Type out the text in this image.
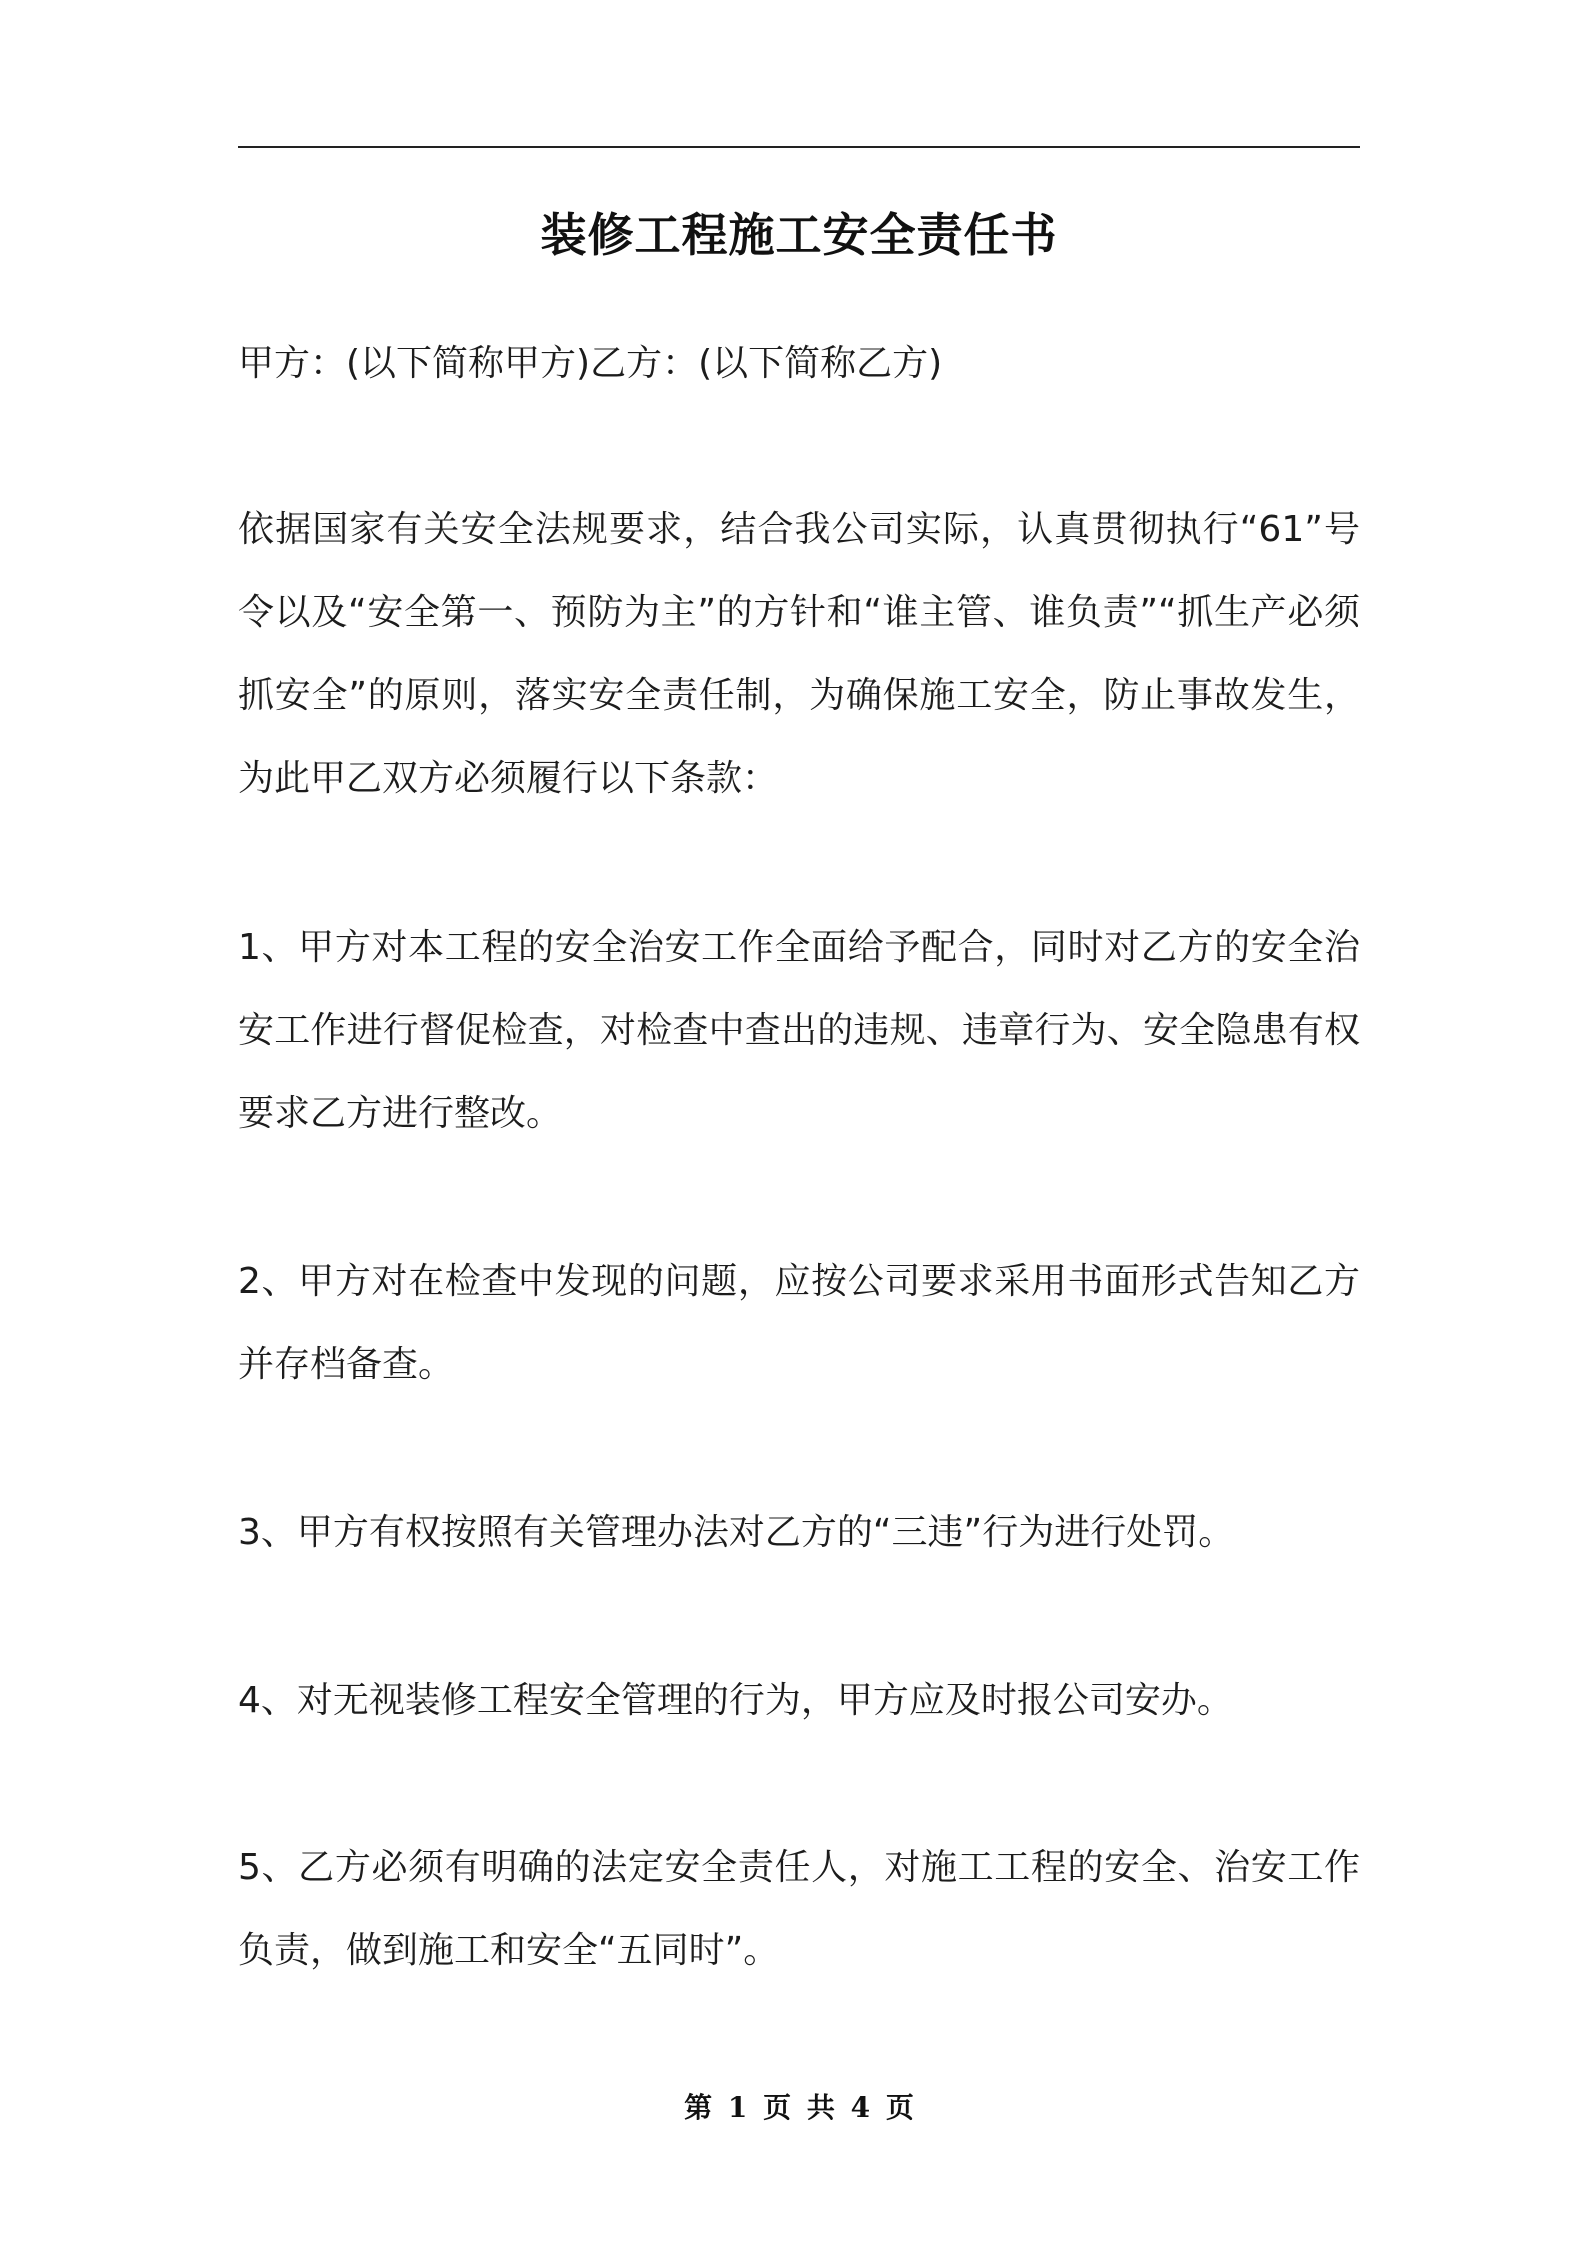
装修工程施工安全责任书
甲方：(以下简称甲方)乙方：(以下简称乙方)
依据国家有关安全法规要求，结合我公司实际，认真贯彻执行“61”号令以及“安全第一、预防为主”的方针和“谁主管、谁负责”“抓生产必须抓安全”的原则，落实安全责任制，为确保施工安全，防止事故发生，为此甲乙双方必须履行以下条款：
1、甲方对本工程的安全治安工作全面给予配合，同时对乙方的安全治安工作进行督促检查，对检查中查出的违规、违章行为、安全隐患有权要求乙方进行整改。
2、甲方对在检查中发现的问题，应按公司要求采用书面形式告知乙方并存档备查。
3、甲方有权按照有关管理办法对乙方的“三违”行为进行处罚。
4、对无视装修工程安全管理的行为，甲方应及时报公司安办。
5、乙方必须有明确的法定安全责任人，对施工工程的安全、治安工作负责，做到施工和安全“五同时”。
第 1 页 共 4 页
